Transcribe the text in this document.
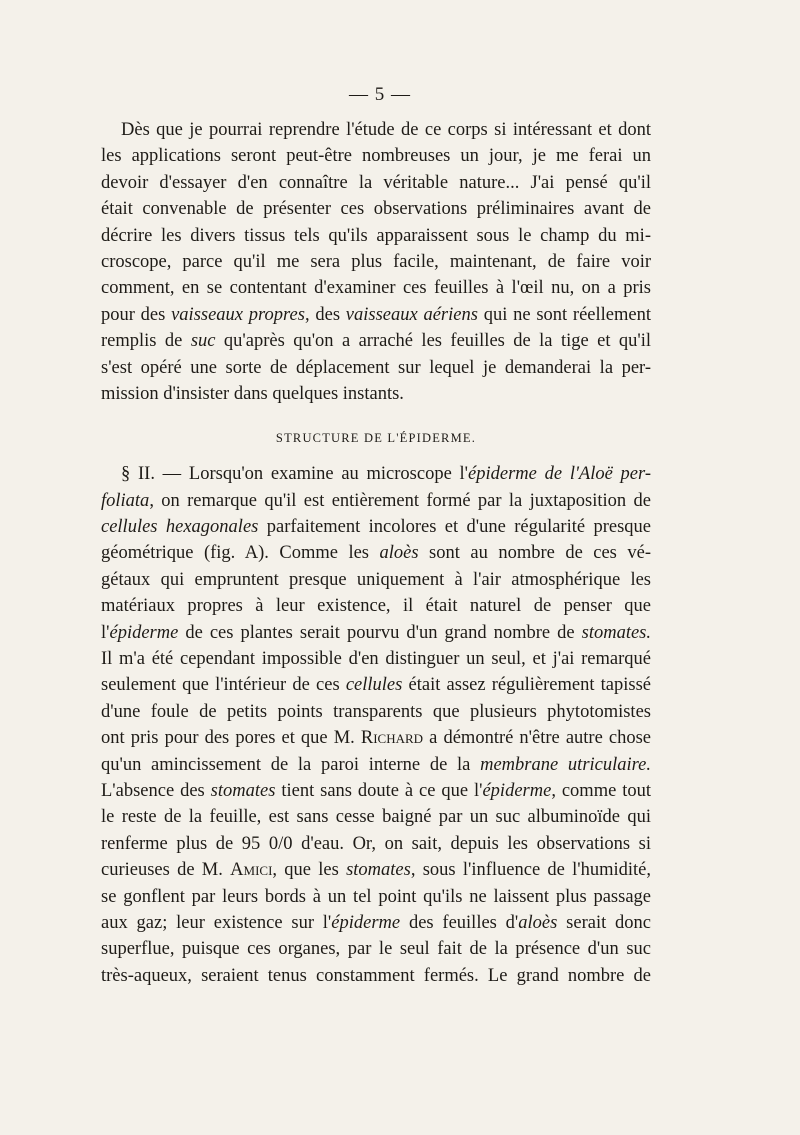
— 5 —
Dès que je pourrai reprendre l'étude de ce corps si intéressant et dont
les applications seront peut-être nombreuses un jour, je me ferai un
devoir d'essayer d'en connaître la véritable nature... J'ai pensé qu'il
était convenable de présenter ces observations préliminaires avant de
décrire les divers tissus tels qu'ils apparaissent sous le champ du mi-
croscope, parce qu'il me sera plus facile, maintenant, de faire voir
comment, en se contentant d'examiner ces feuilles à l'œil nu, on a pris
pour des vaisseaux propres, des vaisseaux aériens qui ne sont réellement
remplis de suc qu'après qu'on a arraché les feuilles de la tige et qu'il
s'est opéré une sorte de déplacement sur lequel je demanderai la per-
mission d'insister dans quelques instants.
STRUCTURE DE L'ÉPIDERME.
§ II. — Lorsqu'on examine au microscope l'épiderme de l'Aloë per-
foliata, on remarque qu'il est entièrement formé par la juxtaposition de
cellules hexagonales parfaitement incolores et d'une régularité presque
géométrique (fig. A). Comme les aloès sont au nombre de ces vé-
gétaux qui empruntent presque uniquement à l'air atmosphérique les
matériaux propres à leur existence, il était naturel de penser que
l'épiderme de ces plantes serait pourvu d'un grand nombre de stomates.
Il m'a été cependant impossible d'en distinguer un seul, et j'ai remarqué
seulement que l'intérieur de ces cellules était assez régulièrement tapissé
d'une foule de petits points transparents que plusieurs phytotomistes
ont pris pour des pores et que M. Richard a démontré n'être autre chose
qu'un amincissement de la paroi interne de la membrane utriculaire.
L'absence des stomates tient sans doute à ce que l'épiderme, comme tout
le reste de la feuille, est sans cesse baigné par un suc albuminoïde qui
renferme plus de 95 0/0 d'eau. Or, on sait, depuis les observations si
curieuses de M. Amici, que les stomates, sous l'influence de l'humidité,
se gonflent par leurs bords à un tel point qu'ils ne laissent plus passage
aux gaz; leur existence sur l'épiderme des feuilles d'aloès serait donc
superflue, puisque ces organes, par le seul fait de la présence d'un suc
très-aqueux, seraient tenus constamment fermés. Le grand nombre de
